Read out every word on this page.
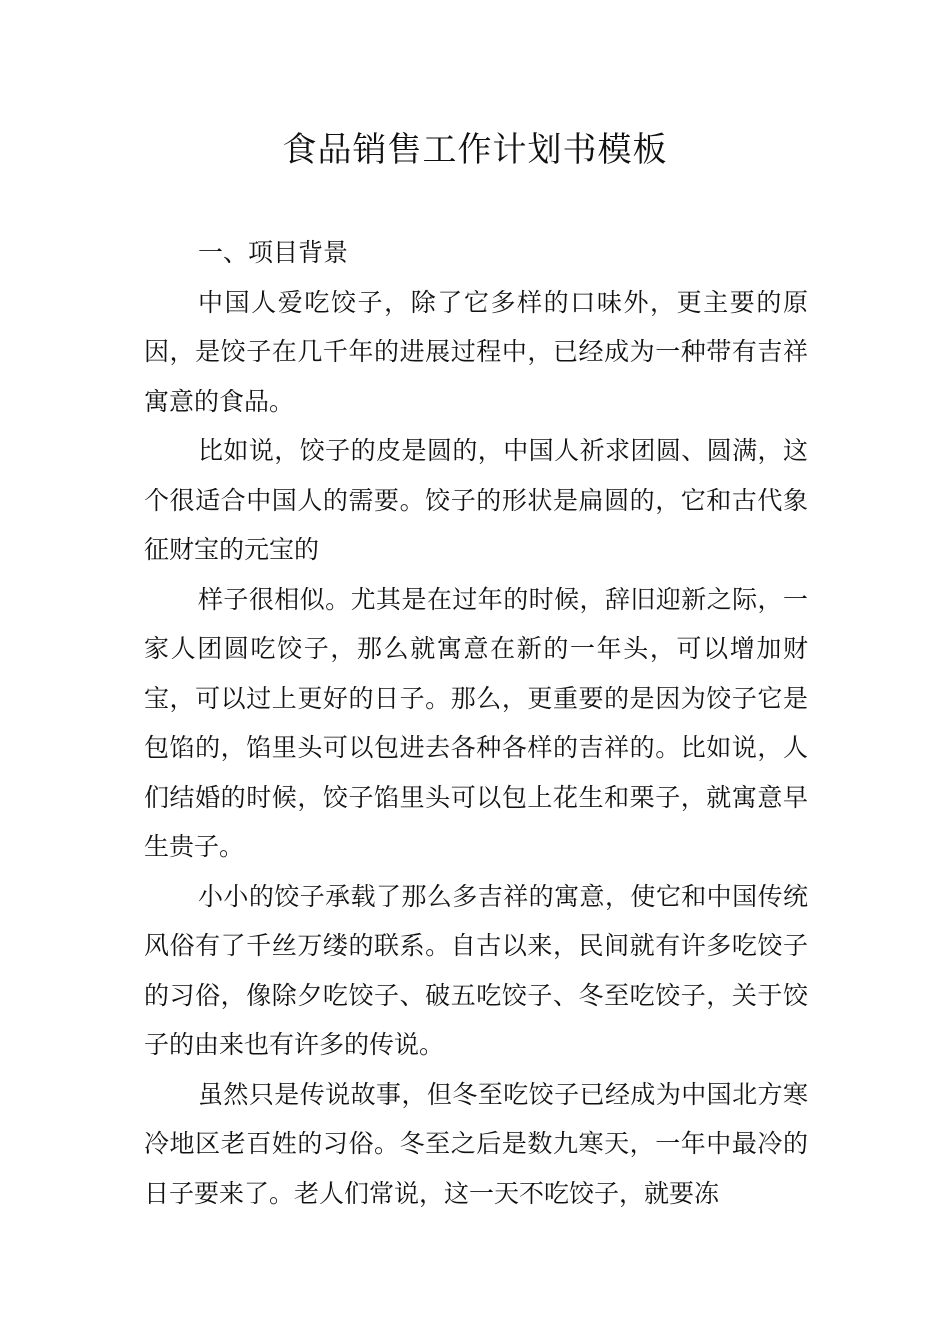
食品销售工作计划书模板
一、项目背景

中国人爱吃饺子，除了它多样的口味外，更主要的原因，是饺子在几千年的进展过程中，已经成为一种带有吉祥寓意的食品。

比如说，饺子的皮是圆的，中国人祈求团圆、圆满，这个很适合中国人的需要。饺子的形状是扁圆的，它和古代象征财宝的元宝的

样子很相似。尤其是在过年的时候，辞旧迎新之际，一家人团圆吃饺子，那么就寓意在新的一年头，可以增加财宝，可以过上更好的日子。那么，更重要的是因为饺子它是包馅的，馅里头可以包进去各种各样的吉祥的。比如说，人们结婚的时候，饺子馅里头可以包上花生和栗子，就寓意早生贵子。

小小的饺子承载了那么多吉祥的寓意，使它和中国传统风俗有了千丝万缕的联系。自古以来，民间就有许多吃饺子的习俗，像除夕吃饺子、破五吃饺子、冬至吃饺子，关于饺子的由来也有许多的传说。

虽然只是传说故事，但冬至吃饺子已经成为中国北方寒冷地区老百姓的习俗。冬至之后是数九寒天，一年中最冷的日子要来了。老人们常说，这一天不吃饺子，就要冻
